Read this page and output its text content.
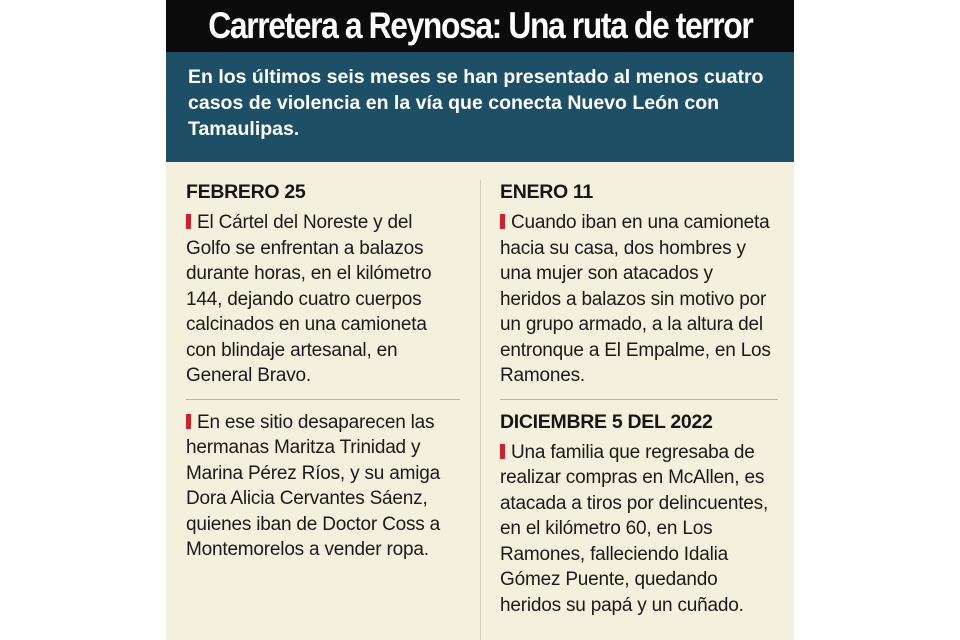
Carretera a Reynosa: Una ruta de terror

En los últimos seis meses se han presentado al menos cuatro casos de violencia en la vía que conecta Nuevo León con Tamaulipas.

FEBRERO 25

El Cártel del Noreste y del Golfo se enfrentan a balazos durante horas, en el kilómetro 144, dejando cuatro cuerpos calcinados en una camioneta con blindaje artesanal, en General Bravo.

En ese sitio desaparecen las hermanas Maritza Trinidad y Marina Pérez Ríos, y su amiga Dora Alicia Cervantes Sáenz, quienes iban de Doctor Coss a Montemorelos a vender ropa.

ENERO 11

Cuando iban en una camioneta hacia su casa, dos hombres y una mujer son atacados y heridos a balazos sin motivo por un grupo armado, a la altura del entronque a El Empalme, en Los Ramones.

DICIEMBRE 5 DEL 2022

Una familia que regresaba de realizar compras en McAllen, es atacada a tiros por delincuentes, en el kilómetro 60, en Los Ramones, falleciendo Idalia Gómez Puente, quedando heridos su papá y un cuñado.
